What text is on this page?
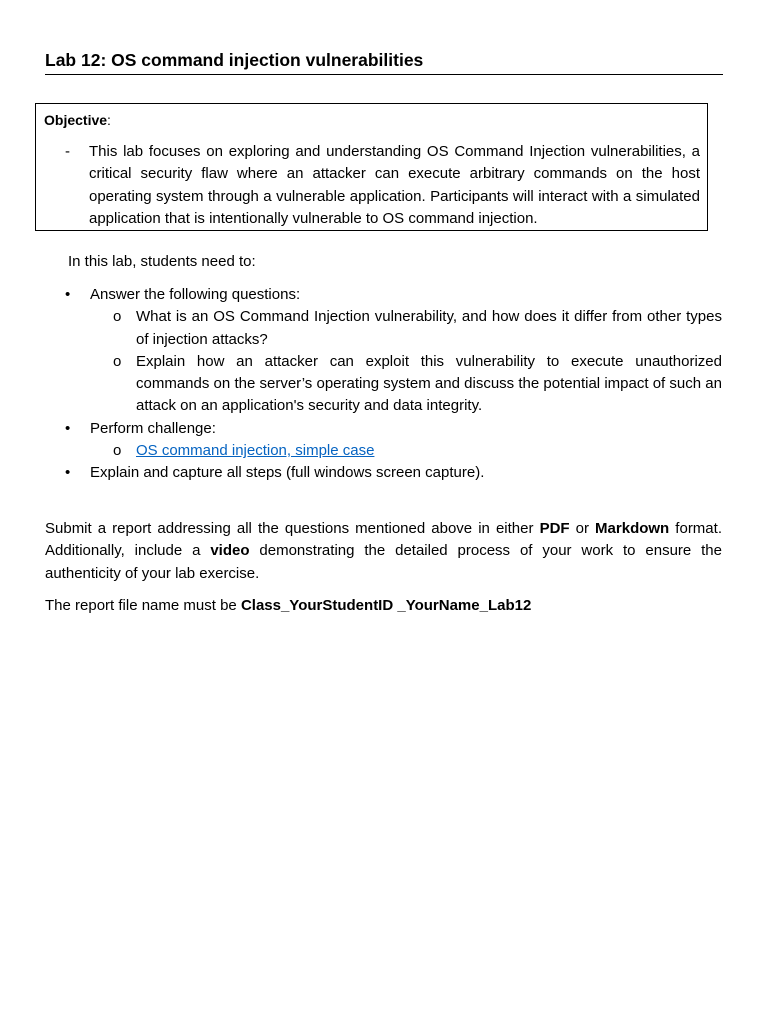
Lab 12: OS command injection vulnerabilities
Objective:
- This lab focuses on exploring and understanding OS Command Injection vulnerabilities, a critical security flaw where an attacker can execute arbitrary commands on the host operating system through a vulnerable application. Participants will interact with a simulated application that is intentionally vulnerable to OS command injection.
In this lab, students need to:
•	Answer the following questions:
o What is an OS Command Injection vulnerability, and how does it differ from other types of injection attacks?
o Explain how an attacker can exploit this vulnerability to execute unauthorized commands on the server’s operating system and discuss the potential impact of such an attack on an application's security and data integrity.
•	Perform challenge:
o OS command injection, simple case
•	Explain and capture all steps (full windows screen capture).
Submit a report addressing all the questions mentioned above in either PDF or Markdown format. Additionally, include a video demonstrating the detailed process of your work to ensure the authenticity of your lab exercise.
The report file name must be Class_YourStudentID _YourName_Lab12
